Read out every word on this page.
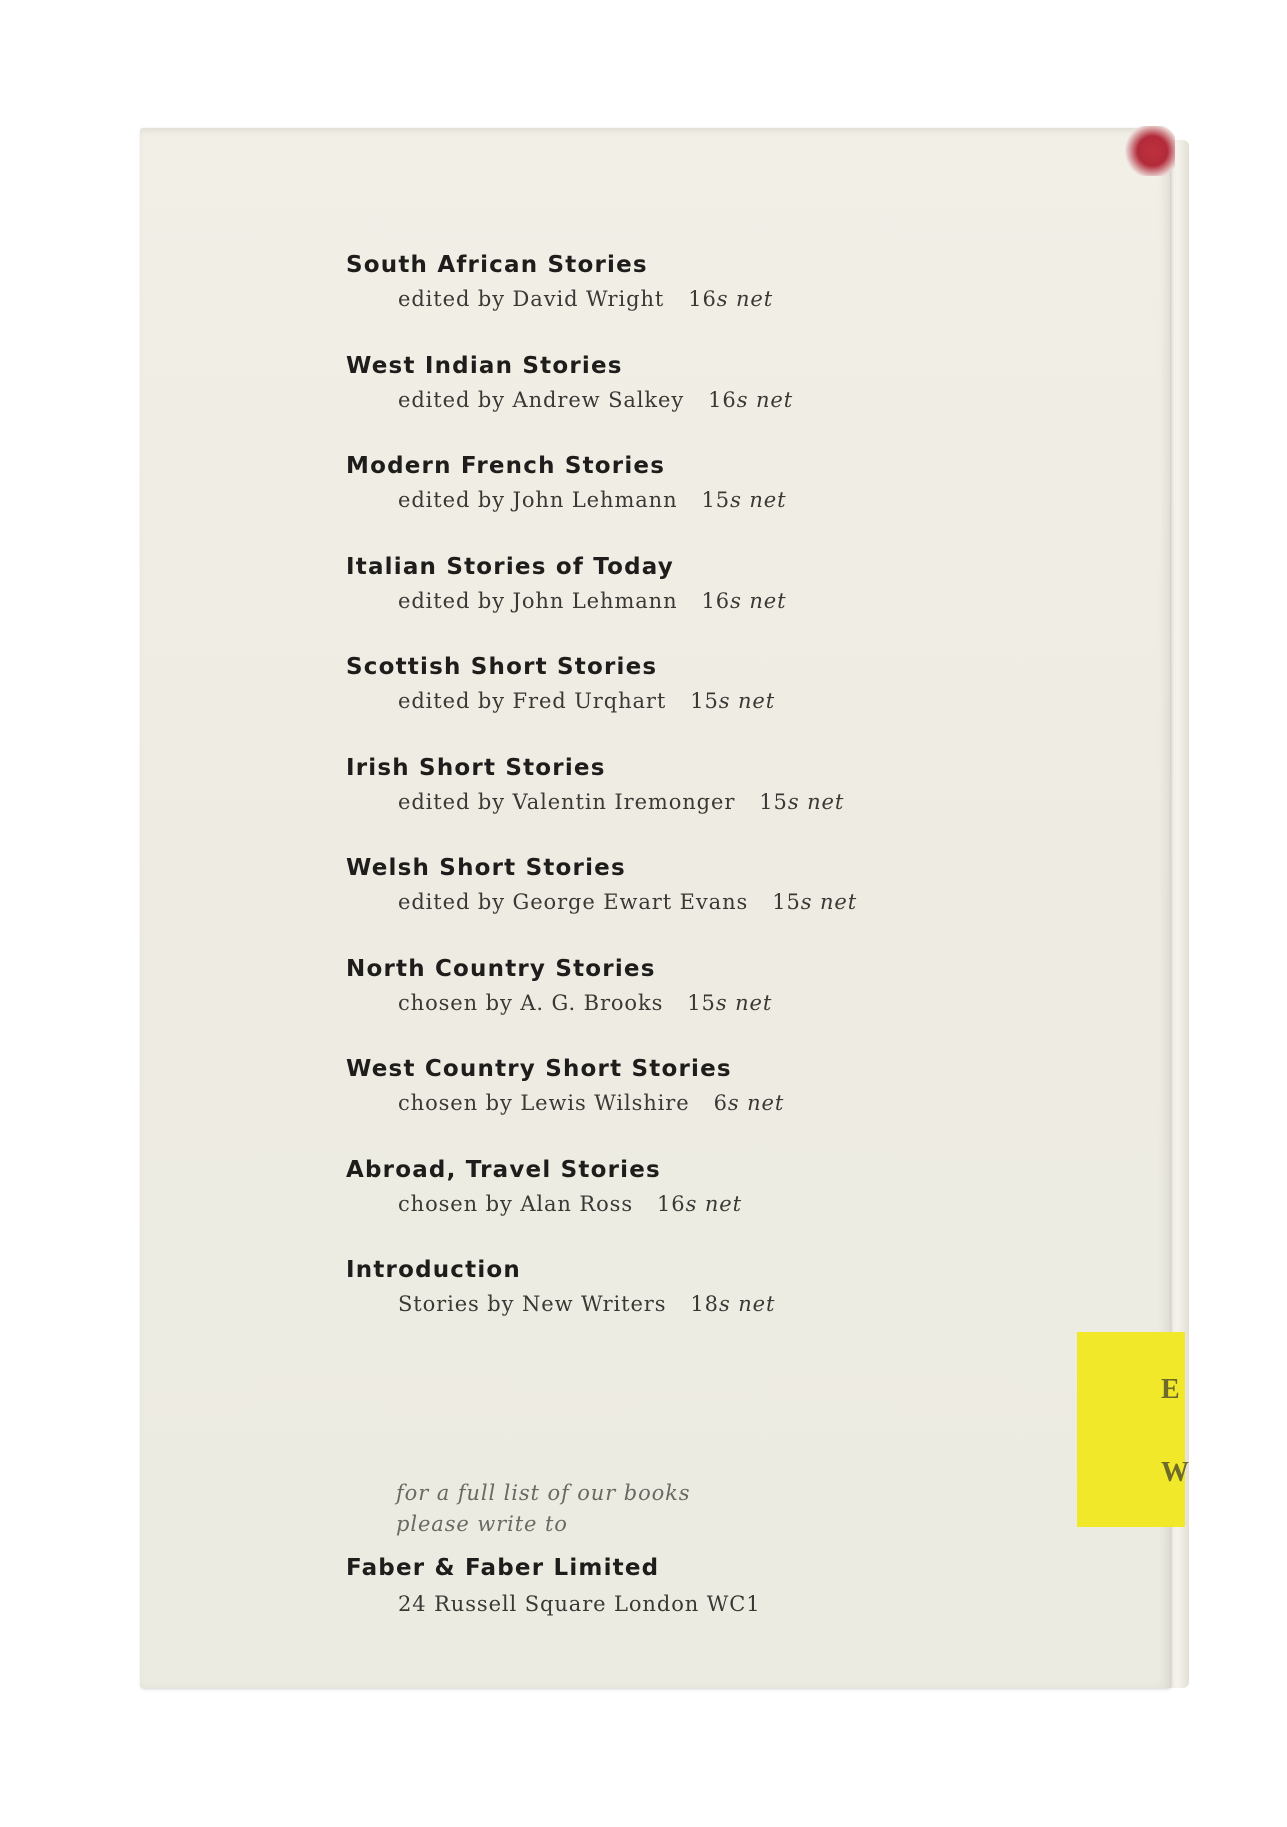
E
W

South African Stories

edited by David Wright 16s net

West Indian Stories

edited by Andrew Salkey 16s net

Modern French Stories

edited by John Lehmann 15s net

Italian Stories of Today

edited by John Lehmann 16s net

Scottish Short Stories

edited by Fred Urqhart 15s net

Irish Short Stories

edited by Valentin Iremonger 15s net

Welsh Short Stories

edited by George Ewart Evans 15s net

North Country Stories

chosen by A. G. Brooks 15s net

West Country Short Stories

chosen by Lewis Wilshire 6s net

Abroad, Travel Stories

chosen by Alan Ross 16s net

Introduction

Stories by New Writers 18s net
for a full list of our books
please write to
Faber & Faber Limited
24 Russell Square London WC1
